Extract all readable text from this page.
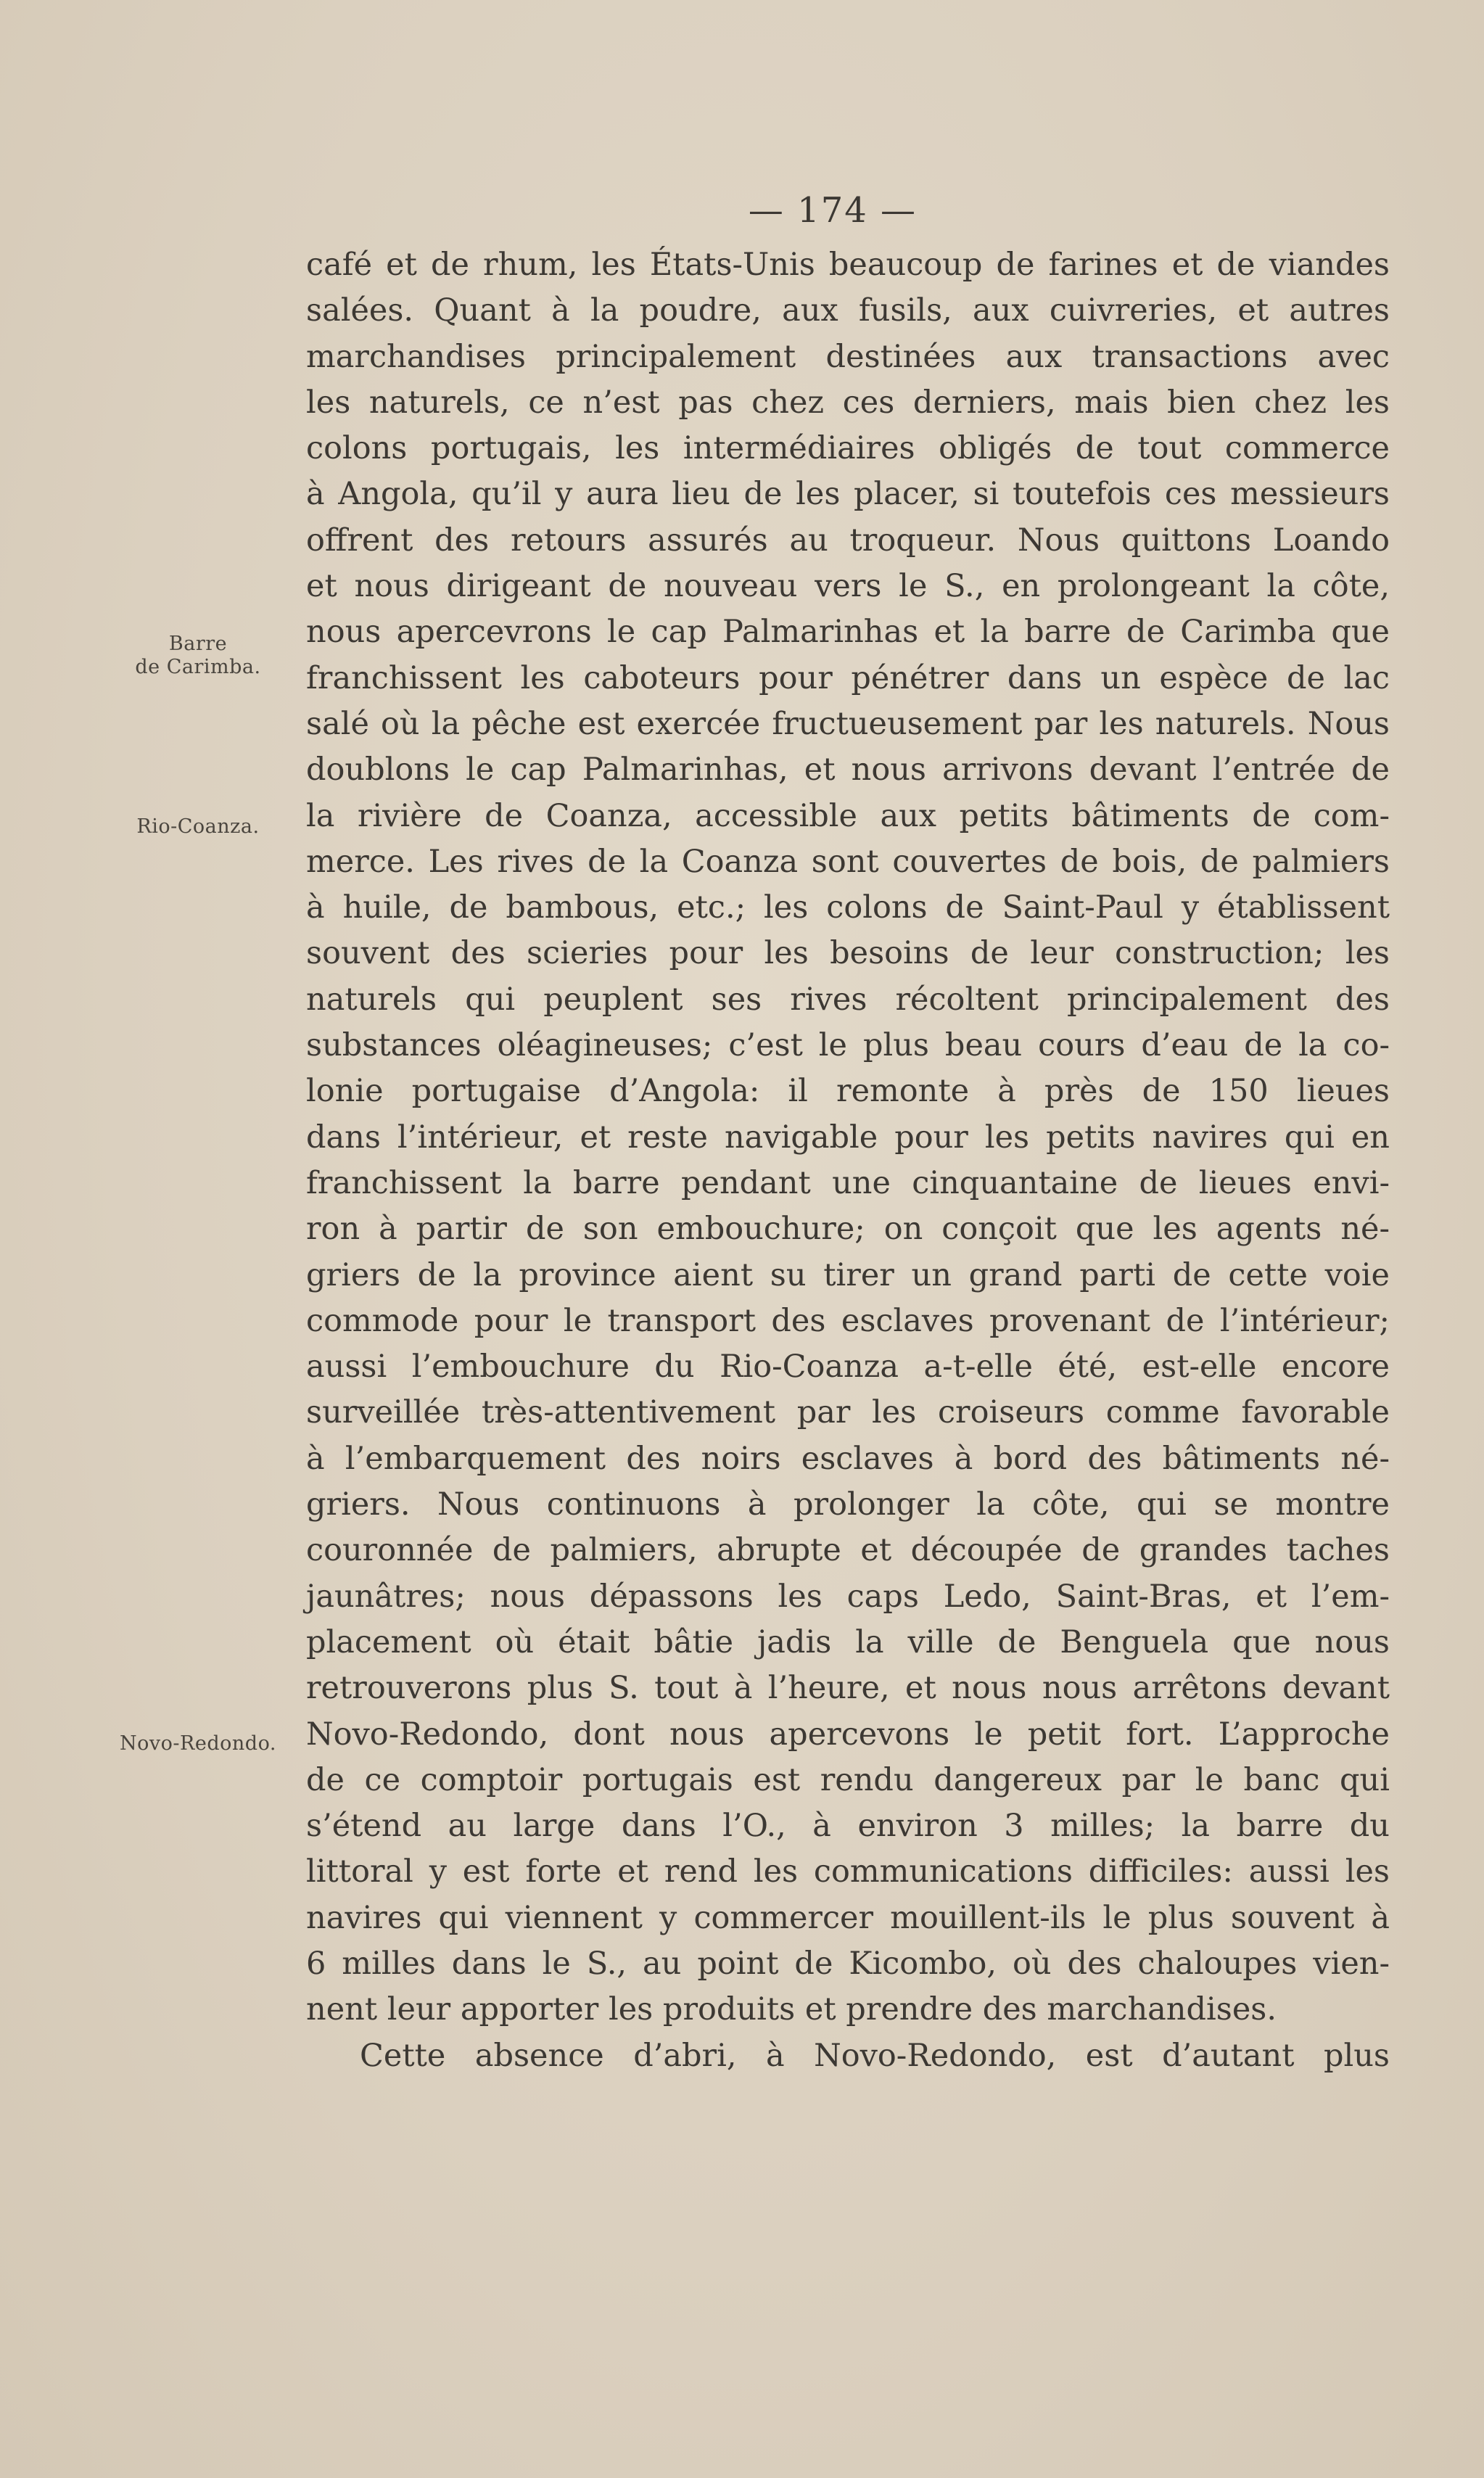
— 174 —
Barre
de Carimba.
Rio-Coanza.
Novo-Redondo.
café et de rhum, les États-Unis beaucoup de farines et de viandes
salées. Quant à la poudre, aux fusils, aux cuivreries, et autres
marchandises principalement destinées aux transactions avec
les naturels, ce n’est pas chez ces derniers, mais bien chez les
colons portugais, les intermédiaires obligés de tout commerce
à Angola, qu’il y aura lieu de les placer, si toutefois ces messieurs
offrent des retours assurés au troqueur. Nous quittons Loando
et nous dirigeant de nouveau vers le S., en prolongeant la côte,
nous apercevrons le cap Palmarinhas et la barre de Carimba que
franchissent les caboteurs pour pénétrer dans un espèce de lac
salé où la pêche est exercée fructueusement par les naturels. Nous
doublons le cap Palmarinhas, et nous arrivons devant l’entrée de
la rivière de Coanza, accessible aux petits bâtiments de com-
merce. Les rives de la Coanza sont couvertes de bois, de palmiers
à huile, de bambous, etc.; les colons de Saint-Paul y établissent
souvent des scieries pour les besoins de leur construction; les
naturels qui peuplent ses rives récoltent principalement des
substances oléagineuses; c’est le plus beau cours d’eau de la co-
lonie portugaise d’Angola: il remonte à près de 150 lieues
dans l’intérieur, et reste navigable pour les petits navires qui en
franchissent la barre pendant une cinquantaine de lieues envi-
ron à partir de son embouchure; on conçoit que les agents né-
griers de la province aient su tirer un grand parti de cette voie
commode pour le transport des esclaves provenant de l’intérieur;
aussi l’embouchure du Rio-Coanza a-t-elle été, est-elle encore
surveillée très-attentivement par les croiseurs comme favorable
à l’embarquement des noirs esclaves à bord des bâtiments né-
griers. Nous continuons à prolonger la côte, qui se montre
couronnée de palmiers, abrupte et découpée de grandes taches
jaunâtres; nous dépassons les caps Ledo, Saint-Bras, et l’em-
placement où était bâtie jadis la ville de Benguela que nous
retrouverons plus S. tout à l’heure, et nous nous arrêtons devant
Novo-Redondo, dont nous apercevons le petit fort. L’approche
de ce comptoir portugais est rendu dangereux par le banc qui
s’étend au large dans l’O., à environ 3 milles; la barre du
littoral y est forte et rend les communications difficiles: aussi les
navires qui viennent y commercer mouillent-ils le plus souvent à
6 milles dans le S., au point de Kicombo, où des chaloupes vien-
nent leur apporter les produits et prendre des marchandises.
Cette absence d’abri, à Novo-Redondo, est d’autant plus
